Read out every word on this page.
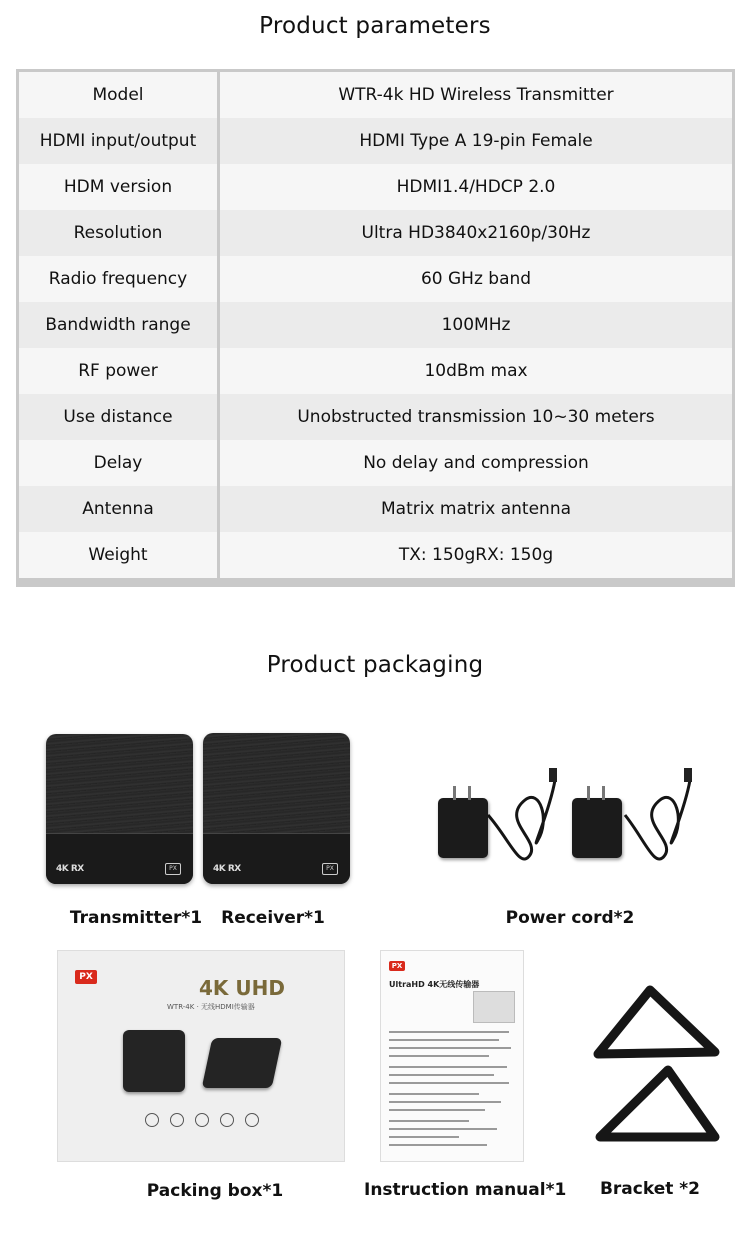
Product parameters
Model	WTR-4k HD Wireless Transmitter
HDMI input/output	HDMI Type A 19-pin Female
HDM version	HDMI1.4/HDCP 2.0
Resolution	Ultra HD3840x2160p/30Hz
Radio frequency	60 GHz band
Bandwidth range	100MHz
RF power	10dBm max
Use distance	Unobstructed transmission 10~30 meters
Delay	No delay and compression
Antenna	Matrix matrix antenna
Weight	TX: 150gRX: 150g
Product packaging
4K RX	PX	4K RX	PX
Transmitter*1	Receiver*1	Power cord*2
PX	4K UHD
WTR-4K · 无线HDMI传输器
Packing box*1
PX
UltraHD 4K无线传输器
Instruction manual*1	Bracket *2
